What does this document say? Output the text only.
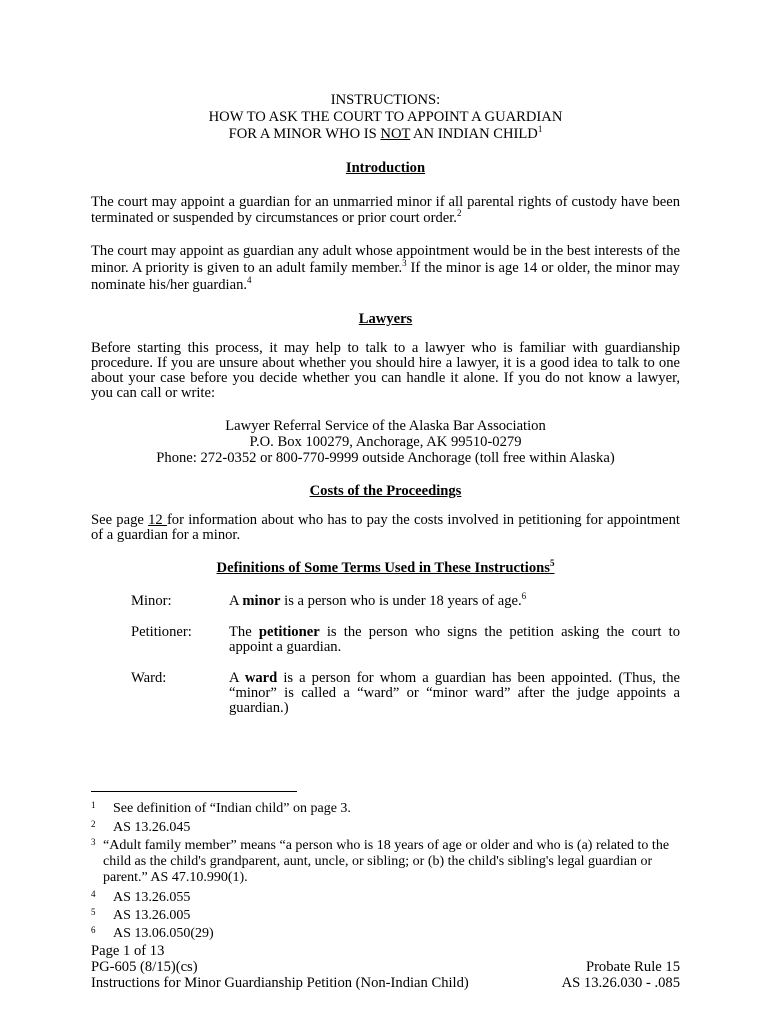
INSTRUCTIONS:
HOW TO ASK THE COURT TO APPOINT A GUARDIAN
FOR A MINOR WHO IS NOT AN INDIAN CHILD$^1$
Introduction

The court may appoint a guardian for an unmarried minor if all parental rights of custody have been terminated or suspended by circumstances or prior court order.$^2$

The court may appoint as guardian any adult whose appointment would be in the best interests of the minor. A priority is given to an adult family member.$^3$ If the minor is age 14 or older, the minor may nominate his/her guardian.$^4$

Lawyers

Before starting this process, it may help to talk to a lawyer who is familiar with guardianship procedure. If you are unsure about whether you should hire a lawyer, it is a good idea to talk to one about your case before you decide whether you can handle it alone. If you do not know a lawyer, you can call or write:

Lawyer Referral Service of the Alaska Bar Association
P.O. Box 100279, Anchorage, AK 99510-0279
Phone: 272-0352 or 800-770-9999 outside Anchorage (toll free within Alaska)
Costs of the Proceedings

See page 12 for information about who has to pay the costs involved in petitioning for appointment of a guardian for a minor.

Definitions of Some Terms Used in These Instructions$^5$
Minor:	A minor is a person who is under 18 years of age.$^6$
Petitioner:	The petitioner is the person who signs the petition asking the court to appoint a guardian.
Ward:	A ward is a person for whom a guardian has been appointed. (Thus, the “minor” is called a “ward” or “minor ward” after the judge appoints a guardian.)
1	See definition of “Indian child” on page 3.
2	AS 13.26.045
3 “Adult family member” means “a person who is 18 years of age or older and who is (a) related to the child as the child's grandparent, aunt, uncle, or sibling; or (b) the child's sibling's legal guardian or parent.” AS 47.10.990(1).
4	AS 13.26.055
5	AS 13.26.005
6	AS 13.06.050(29)
Page 1 of 13
PG-605 (8/15)(cs)
Instructions for Minor Guardianship Petition (Non-Indian Child)
Probate Rule 15
AS 13.26.030 - .085
